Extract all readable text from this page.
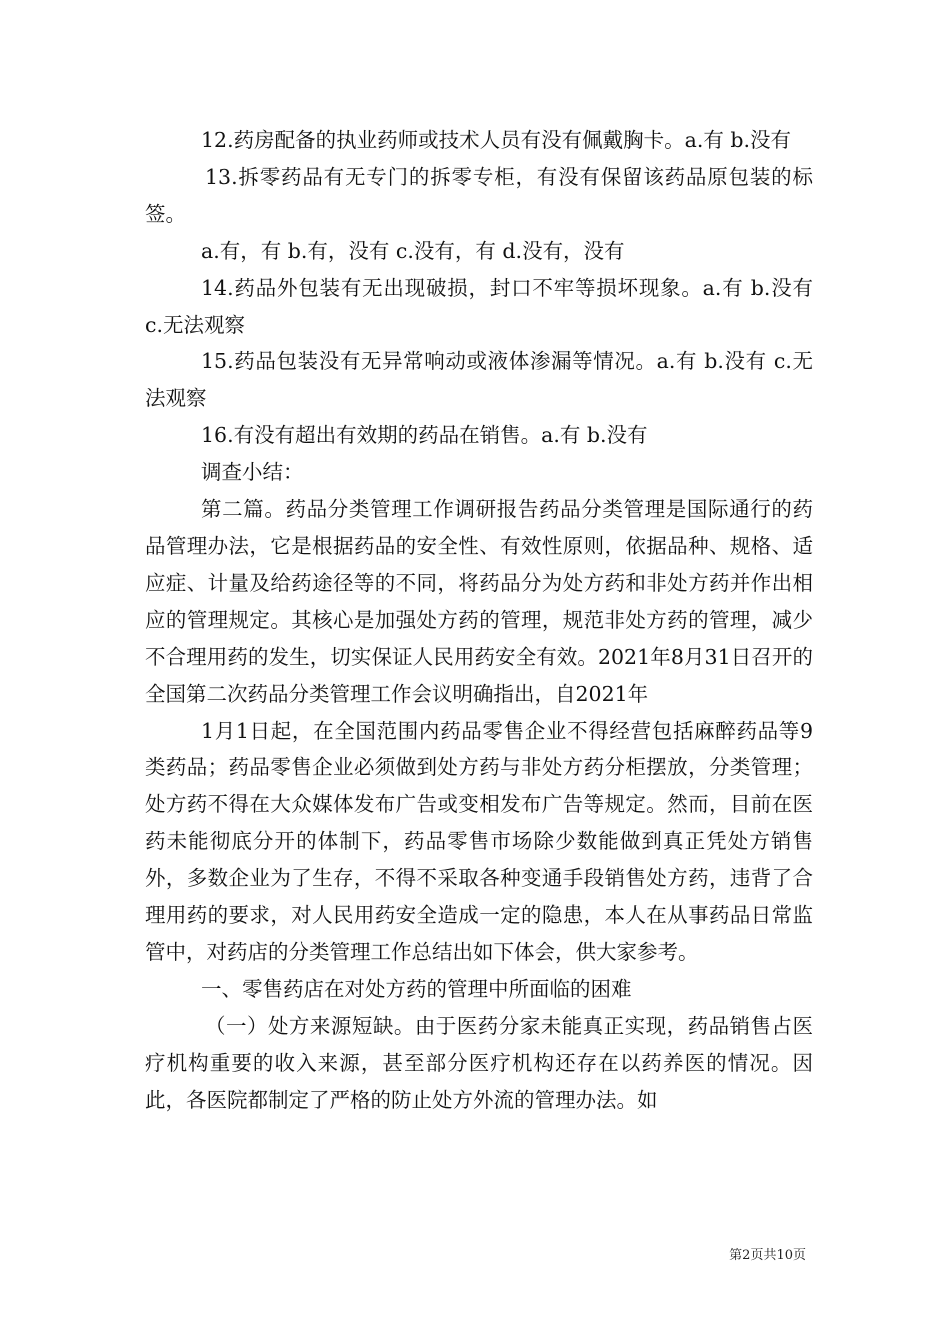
12.药房配备的执业药师或技术人员有没有佩戴胸卡。a.有 b.没有

13.拆零药品有无专门的拆零专柜，有没有保留该药品原包装的标签。

a.有，有 b.有，没有 c.没有，有 d.没有，没有

14.药品外包装有无出现破损，封口不牢等损坏现象。a.有 b.没有 c.无法观察

15.药品包装没有无异常响动或液体渗漏等情况。a.有 b.没有 c.无法观察

16.有没有超出有效期的药品在销售。a.有 b.没有

调查小结：

第二篇。药品分类管理工作调研报告药品分类管理是国际通行的药品管理办法，它是根据药品的安全性、有效性原则，依据品种、规格、适应症、计量及给药途径等的不同，将药品分为处方药和非处方药并作出相应的管理规定。其核心是加强处方药的管理，规范非处方药的管理，减少不合理用药的发生，切实保证人民用药安全有效。2021年8月31日召开的全国第二次药品分类管理工作会议明确指出，自2021年

1月1日起，在全国范围内药品零售企业不得经营包括麻醉药品等9类药品；药品零售企业必须做到处方药与非处方药分柜摆放，分类管理；处方药不得在大众媒体发布广告或变相发布广告等规定。然而，目前在医药未能彻底分开的体制下，药品零售市场除少数能做到真正凭处方销售外，多数企业为了生存，不得不采取各种变通手段销售处方药，违背了合理用药的要求，对人民用药安全造成一定的隐患，本人在从事药品日常监管中，对药店的分类管理工作总结出如下体会，供大家参考。

一、零售药店在对处方药的管理中所面临的困难

（一）处方来源短缺。由于医药分家未能真正实现，药品销售占医疗机构重要的收入来源，甚至部分医疗机构还存在以药养医的情况。因此，各医院都制定了严格的防止处方外流的管理办法。如

第2页共10页
